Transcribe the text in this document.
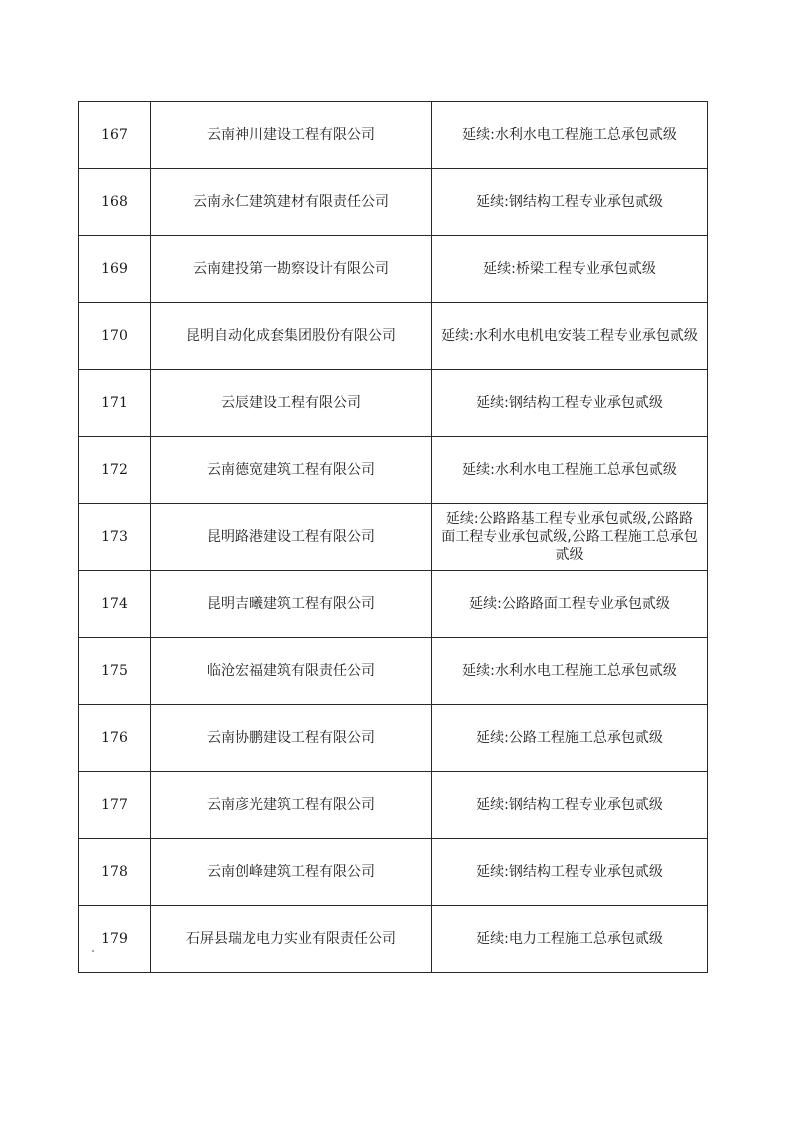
167	云南神川建设工程有限公司	延续:水利水电工程施工总承包贰级
168	云南永仁建筑建材有限责任公司	延续:钢结构工程专业承包贰级
169	云南建投第一勘察设计有限公司	延续:桥梁工程专业承包贰级
170	昆明自动化成套集团股份有限公司	延续:水利水电机电安装工程专业承包贰级
171	云辰建设工程有限公司	延续:钢结构工程专业承包贰级
172	云南德宽建筑工程有限公司	延续:水利水电工程施工总承包贰级
173	昆明路港建设工程有限公司	延续:公路路基工程专业承包贰级,公路路面工程专业承包贰级,公路工程施工总承包贰级
174	昆明吉曦建筑工程有限公司	延续:公路路面工程专业承包贰级
175	临沧宏福建筑有限责任公司	延续:水利水电工程施工总承包贰级
176	云南协鹏建设工程有限公司	延续:公路工程施工总承包贰级
177	云南彦光建筑工程有限公司	延续:钢结构工程专业承包贰级
178	云南创峰建筑工程有限公司	延续:钢结构工程专业承包贰级
179	石屏县瑞龙电力实业有限责任公司	延续:电力工程施工总承包贰级
